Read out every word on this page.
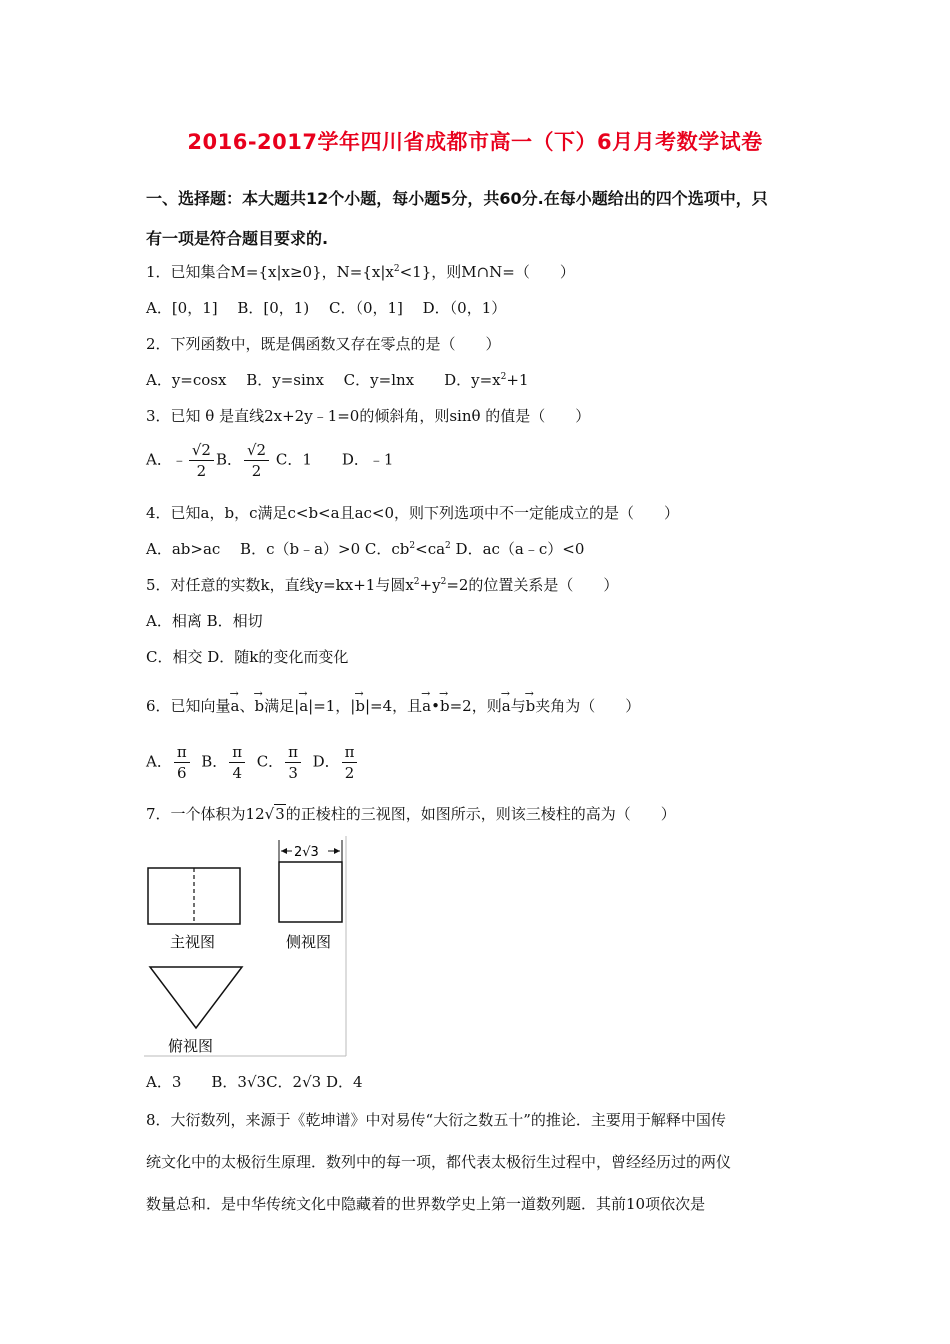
2016-2017学年四川省成都市高一（下）6月月考数学试卷
一、选择题：本大题共12个小题，每小题5分，共60分.在每小题给出的四个选项中，只
有一项是符合题目要求的.
1．已知集合M={x|x≥0}，$N=\{x|x^2<1\}$，则M∩N=（　　）
A．[0，1]　 B．[0，1)　 C．（0，1]　 D．（0，1）
2．下列函数中，既是偶函数又存在零点的是（　　）
A．y=cosx　 B．y=sinx　 C．y=lnx　　D．$y=x^2+1$
3．已知 θ 是直线2x+2y﹣1=0的倾斜角，则sinθ 的值是（　　）
A．﹣ $\frac{√2}{2}$ B． $\frac{√2}{2}$ C．1　　D．﹣1
4．已知a，b，c满足c<b<a且ac<0，则下列选项中不一定能成立的是（　　）
A．ab>ac　 B．c（b﹣a）>0 C．$cb^2<ca^2$ D．ac（a﹣c）<0
5．对任意的实数k，直线y=kx+1与圆$x^2+y^2=2$的位置关系是（　　）
A．相离 B．相切
C．相交 D．随k的变化而变化
6．已知向量→ a、→ b满足|→ a|=1，|→ b|=4，且→ a•→ b=2，则→ a与→ b夹角为（　　）
A． $\frac{\pi}{6}$ B． $\frac{\pi}{4}$ C． $\frac{\pi}{3}$ D． $\frac{\pi}{2}$
7．一个体积为12√3的正棱柱的三视图，如图所示，则该三棱柱的高为（　　）
主视图
2√3
侧视图
俯视图
A．3　　B．3√3C．2√3 D．4
8．大衍数列，来源于《乾坤谱》中对易传“大衍之数五十”的推论．主要用于解释中国传
统文化中的太极衍生原理．数列中的每一项，都代表太极衍生过程中，曾经经历过的两仪
数量总和．是中华传统文化中隐藏着的世界数学史上第一道数列题．其前10项依次是
